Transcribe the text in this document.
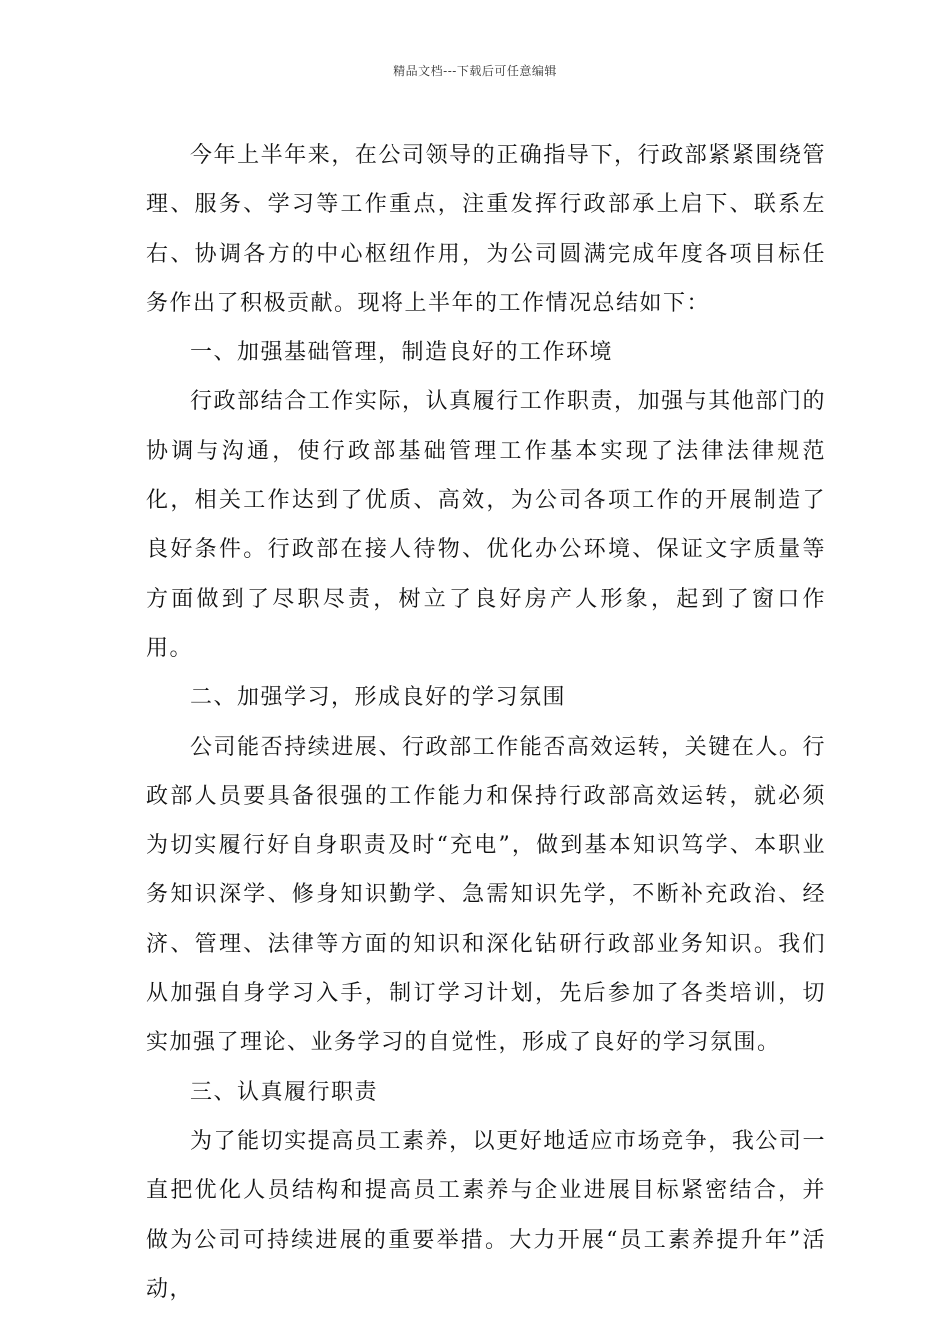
精品文档---下载后可任意编辑

今年上半年来，在公司领导的正确指导下，行政部紧紧围绕管理、服务、学习等工作重点，注重发挥行政部承上启下、联系左右、协调各方的中心枢纽作用，为公司圆满完成年度各项目标任务作出了积极贡献。现将上半年的工作情况总结如下：

一、加强基础管理，制造良好的工作环境

行政部结合工作实际，认真履行工作职责，加强与其他部门的协调与沟通，使行政部基础管理工作基本实现了法律法律规范化，相关工作达到了优质、高效，为公司各项工作的开展制造了良好条件。行政部在接人待物、优化办公环境、保证文字质量等方面做到了尽职尽责，树立了良好房产人形象，起到了窗口作用。

二、加强学习，形成良好的学习氛围

公司能否持续进展、行政部工作能否高效运转，关键在人。行政部人员要具备很强的工作能力和保持行政部高效运转，就必须为切实履行好自身职责及时“充电”，做到基本知识笃学、本职业务知识深学、修身知识勤学、急需知识先学，不断补充政治、经济、管理、法律等方面的知识和深化钻研行政部业务知识。我们从加强自身学习入手，制订学习计划，先后参加了各类培训，切实加强了理论、业务学习的自觉性，形成了良好的学习氛围。

三、认真履行职责

为了能切实提高员工素养，以更好地适应市场竞争，我公司一直把优化人员结构和提高员工素养与企业进展目标紧密结合，并做为公司可持续进展的重要举措。大力开展“员工素养提升年”活动，
